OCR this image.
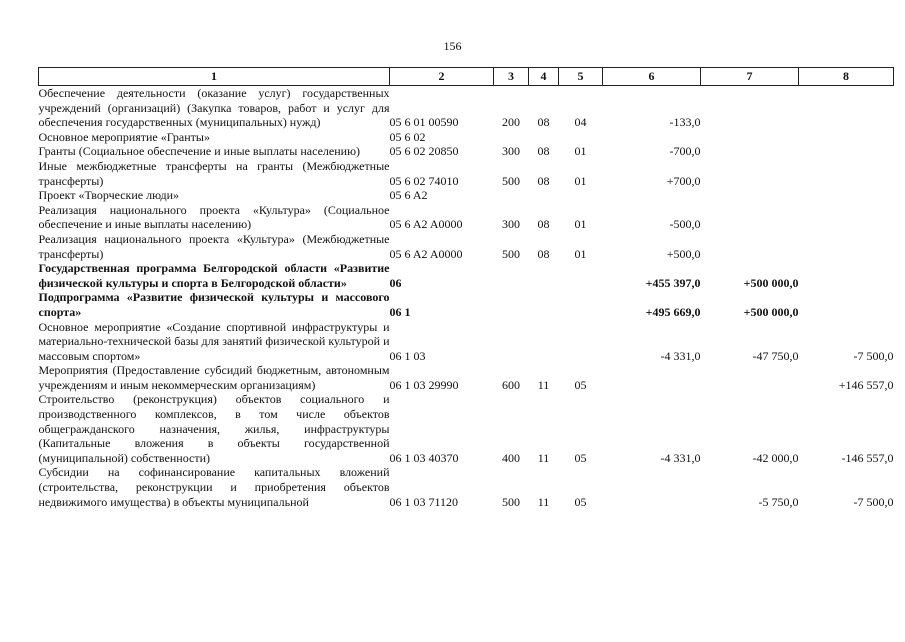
156
1	2	3	4	5	6	7	8
Обеспечение деятельности (оказание услуг) государственных учреждений (организаций) (Закупка товаров, работ и услуг для обеспечения государственных (муниципальных) нужд)	05 6 01 00590	200	08	04	-133,0		
Основное мероприятие «Гранты»	05 6 02						
Гранты (Социальное обеспечение и иные выплаты населению)	05 6 02 20850	300	08	01	-700,0		
Иные межбюджетные трансферты на гранты (Межбюджетные трансферты)	05 6 02 74010	500	08	01	+700,0		
Проект «Творческие люди»	05 6 A2						
Реализация национального проекта «Культура» (Социальное обеспечение и иные выплаты населению)	05 6 A2 A0000	300	08	01	-500,0		
Реализация национального проекта «Культура» (Межбюджетные трансферты)	05 6 A2 A0000	500	08	01	+500,0		
Государственная программа Белгородской области «Развитие физической культуры и спорта в Белгородской области»	06				+455 397,0	+500 000,0	
Подпрограмма «Развитие физической культуры и массового спорта»	06 1				+495 669,0	+500 000,0	
Основное мероприятие «Создание спортивной инфраструктуры и материально-технической базы для занятий физической культурой и массовым спортом»	06 1 03				-4 331,0	-47 750,0	-7 500,0
Мероприятия (Предоставление субсидий бюджетным, автономным учреждениям и иным некоммерческим организациям)	06 1 03 29990	600	11	05			+146 557,0
Строительство (реконструкция) объектов социального и производственного комплексов, в том числе объектов общегражданского назначения, жилья, инфраструктуры (Капитальные вложения в объекты государственной (муниципальной) собственности)	06 1 03 40370	400	11	05	-4 331,0	-42 000,0	-146 557,0
Субсидии на софинансирование капитальных вложений (строительства, реконструкции и приобретения объектов недвижимого имущества) в объекты муниципальной	06 1 03 71120	500	11	05		-5 750,0	-7 500,0
